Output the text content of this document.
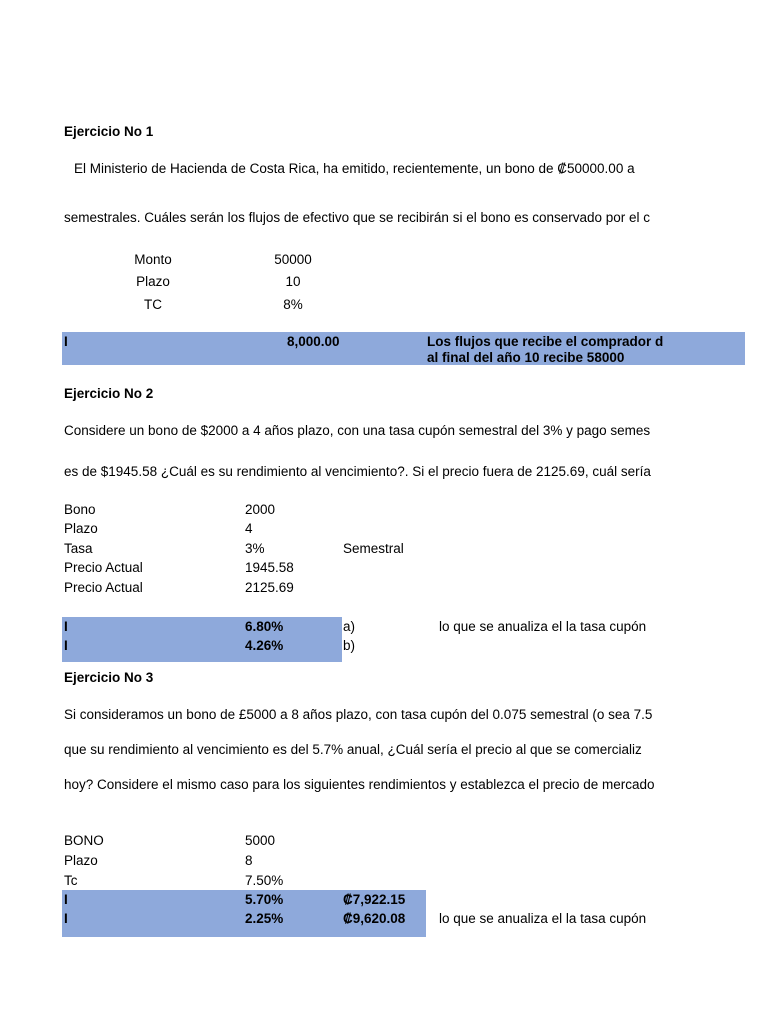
Ejercicio No 1
El Ministerio de Hacienda de Costa Rica, ha emitido, recientemente, un bono de ₡50000.00 a
semestrales. Cuáles serán los flujos de efectivo que se recibirán si el bono es conservado por el c
Monto	50000
Plazo	10
TC	8%
I	8,000.00	Los flujos que recibe el comprador d
al final del año 10 recibe 58000
Ejercicio No 2
Considere un bono de $2000 a 4 años plazo, con una tasa cupón semestral del 3% y pago semes
es de $1945.58 ¿Cuál es su rendimiento al vencimiento?. Si el precio fuera de 2125.69, cuál sería
Bono	2000
Plazo	4
Tasa	3%	Semestral
Precio Actual	1945.58
Precio Actual	2125.69
I	6.80%	a)	lo que se anualiza el la tasa cupón
I	4.26%	b)
Ejercicio No 3
Si consideramos un bono de £5000 a 8 años plazo, con tasa cupón del 0.075 semestral (o sea 7.5
que su rendimiento al vencimiento es del 5.7% anual, ¿Cuál sería el precio al que se comercializ
hoy? Considere el mismo caso para los siguientes rendimientos y establezca el precio de mercado
BONO	5000
Plazo	8
Tc	7.50%
I	5.70%	₡7,922.15
I	2.25%	₡9,620.08 lo que se anualiza el la tasa cupón
